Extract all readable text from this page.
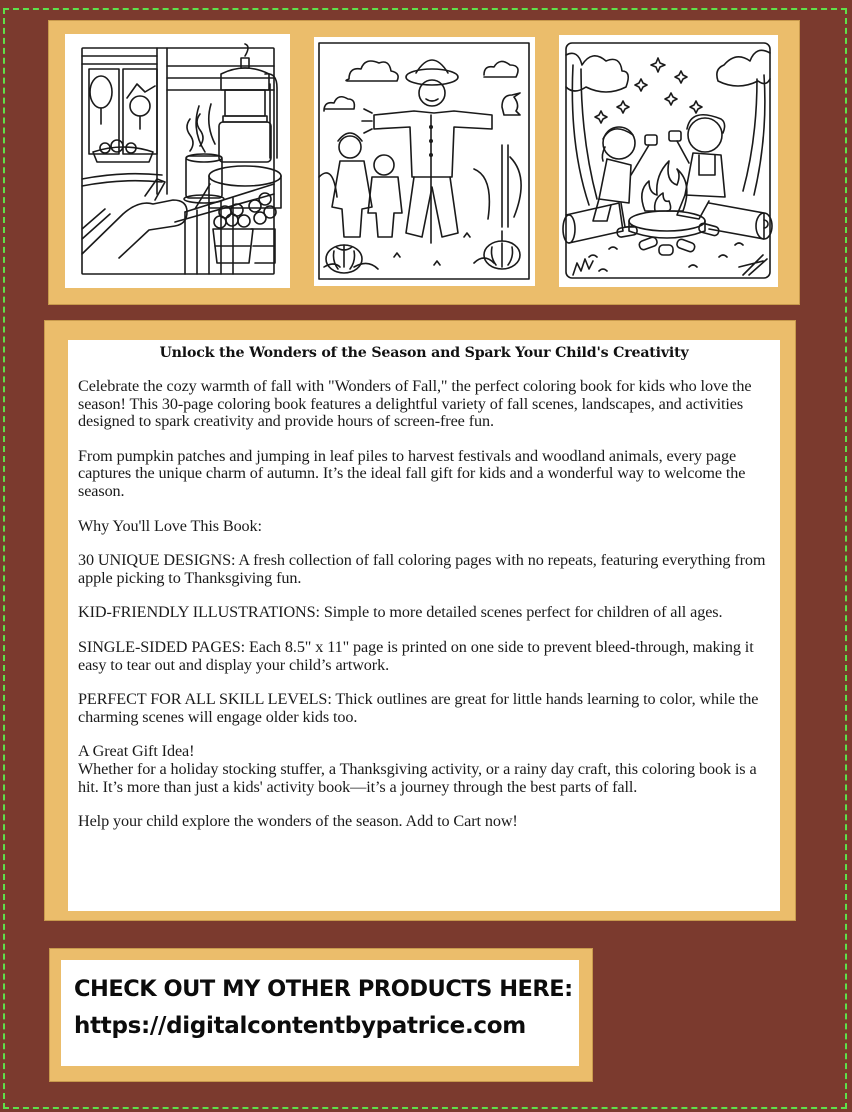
Unlock the Wonders of the Season and Spark Your Child's Creativity

Celebrate the cozy warmth of fall with "Wonders of Fall," the perfect coloring book for kids who love the season! This 30-page coloring book features a delightful variety of fall scenes, landscapes, and activities designed to spark creativity and provide hours of screen-free fun.

From pumpkin patches and jumping in leaf piles to harvest festivals and woodland animals, every page captures the unique charm of autumn. It’s the ideal fall gift for kids and a wonderful way to welcome the season.

Why You'll Love This Book:

30 UNIQUE DESIGNS: A fresh collection of fall coloring pages with no repeats, featuring everything from apple picking to Thanksgiving fun.

KID-FRIENDLY ILLUSTRATIONS: Simple to more detailed scenes perfect for children of all ages.

SINGLE-SIDED PAGES: Each 8.5" x 11" page is printed on one side to prevent bleed-through, making it easy to tear out and display your child’s artwork.

PERFECT FOR ALL SKILL LEVELS: Thick outlines are great for little hands learning to color, while the charming scenes will engage older kids too.

A Great Gift Idea!

Whether for a holiday stocking stuffer, a Thanksgiving activity, or a rainy day craft, this coloring book is a hit. It’s more than just a kids' activity book—it’s a journey through the best parts of fall.

Help your child explore the wonders of the season. Add to Cart now!

CHECK OUT MY OTHER PRODUCTS HERE:
https://digitalcontentbypatrice.com
